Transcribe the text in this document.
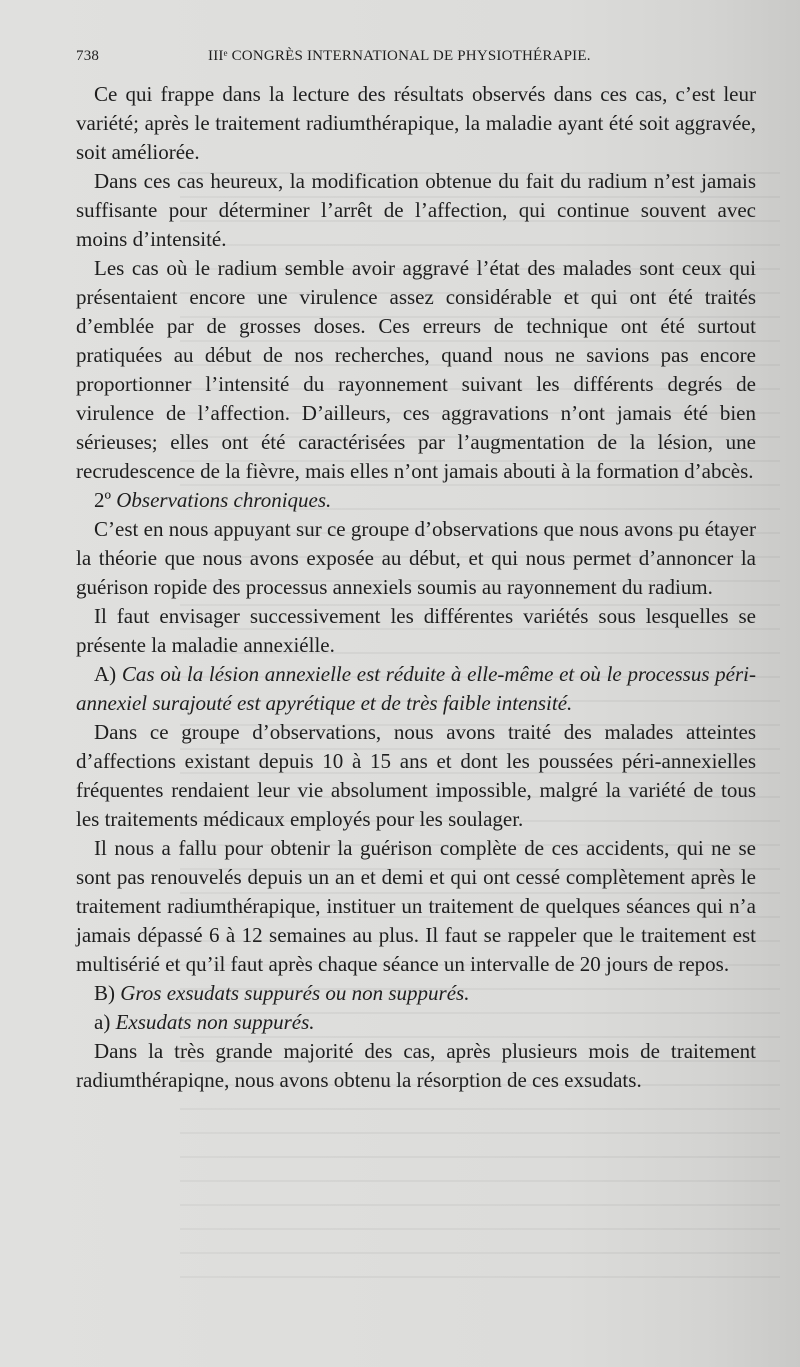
738	IIIᵉ CONGRÈS INTERNATIONAL DE PHYSIOTHÉRAPIE.

Ce qui frappe dans la lecture des résultats observés dans ces cas, c’est leur variété; après le traitement radiumthérapique, la maladie ayant été soit aggravée, soit améliorée.

Dans ces cas heureux, la modification obtenue du fait du radium n’est jamais suffisante pour déterminer l’arrêt de l’affection, qui continue souvent avec moins d’intensité.

Les cas où le radium semble avoir aggravé l’état des malades sont ceux qui présentaient encore une virulence assez considérable et qui ont été traités d’emblée par de grosses doses. Ces erreurs de technique ont été surtout pratiquées au début de nos recherches, quand nous ne savions pas encore proportionner l’intensité du rayonnement suivant les différents degrés de virulence de l’affection. D’ailleurs, ces aggravations n’ont jamais été bien sérieuses; elles ont été caractérisées par l’augmentation de la lésion, une recrudescence de la fièvre, mais elles n’ont jamais abouti à la formation d’abcès.

2º Observations chroniques.

C’est en nous appuyant sur ce groupe d’observations que nous avons pu étayer la théorie que nous avons exposée au début, et qui nous permet d’annoncer la guérison ropide des processus annexiels soumis au rayonnement du radium.

Il faut envisager successivement les différentes variétés sous lesquelles se présente la maladie annexiélle.

A) Cas où la lésion annexielle est réduite à elle-même et où le processus péri-annexiel surajouté est apyrétique et de très faible intensité.

Dans ce groupe d’observations, nous avons traité des malades atteintes d’affections existant depuis 10 à 15 ans et dont les poussées péri-annexielles fréquentes rendaient leur vie absolument impossible, malgré la variété de tous les traitements médicaux employés pour les soulager.

Il nous a fallu pour obtenir la guérison complète de ces accidents, qui ne se sont pas renouvelés depuis un an et demi et qui ont cessé complètement après le traitement radiumthérapique, instituer un traitement de quelques séances qui n’a jamais dépassé 6 à 12 semaines au plus. Il faut se rappeler que le traitement est multisérié et qu’il faut après chaque séance un intervalle de 20 jours de repos.

B) Gros exsudats suppurés ou non suppurés.

a) Exsudats non suppurés.

Dans la très grande majorité des cas, après plusieurs mois de traitement radiumthérapiqne, nous avons obtenu la résorption de ces exsudats.
